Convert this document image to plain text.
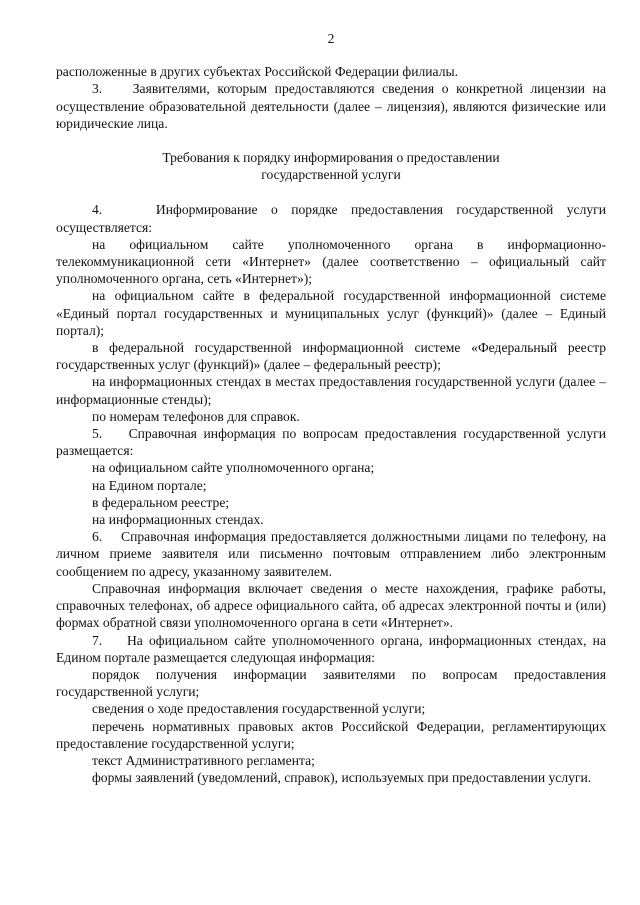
2

расположенные в других субъектах Российской Федерации филиалы.

3.    Заявителями, которым предоставляются сведения о конкретной лицензии на осуществление образовательной деятельности (далее – лицензия), являются физические или юридические лица.

Требования к порядку информирования о предоставлении
государственной услуги

4.    Информирование о порядке предоставления государственной услуги осуществляется:

на официальном сайте уполномоченного органа в информационно-телекоммуникационной сети «Интернет» (далее соответственно – официальный сайт уполномоченного органа, сеть «Интернет»);

на официальном сайте в федеральной государственной информационной системе «Единый портал государственных и муниципальных услуг (функций)» (далее – Единый портал);

в федеральной государственной информационной системе «Федеральный реестр государственных услуг (функций)» (далее – федеральный реестр);

на информационных стендах в местах предоставления государственной услуги (далее – информационные стенды);

по номерам телефонов для справок.

5.    Справочная информация по вопросам предоставления государственной услуги размещается:

на официальном сайте уполномоченного органа;

на Едином портале;

в федеральном реестре;

на информационных стендах.

6.    Справочная информация предоставляется должностными лицами по телефону, на личном приеме заявителя или письменно почтовым отправлением либо электронным сообщением по адресу, указанному заявителем.

Справочная информация включает сведения о месте нахождения, графике работы, справочных телефонах, об адресе официального сайта, об адресах электронной почты и (или) формах обратной связи уполномоченного органа в сети «Интернет».

7.    На официальном сайте уполномоченного органа, информационных стендах, на Едином портале размещается следующая информация:

порядок получения информации заявителями по вопросам предоставления государственной услуги;

сведения о ходе предоставления государственной услуги;

перечень нормативных правовых актов Российской Федерации, регламентирующих предоставление государственной услуги;

текст Административного регламента;

формы заявлений (уведомлений, справок), используемых при предоставлении услуги.
